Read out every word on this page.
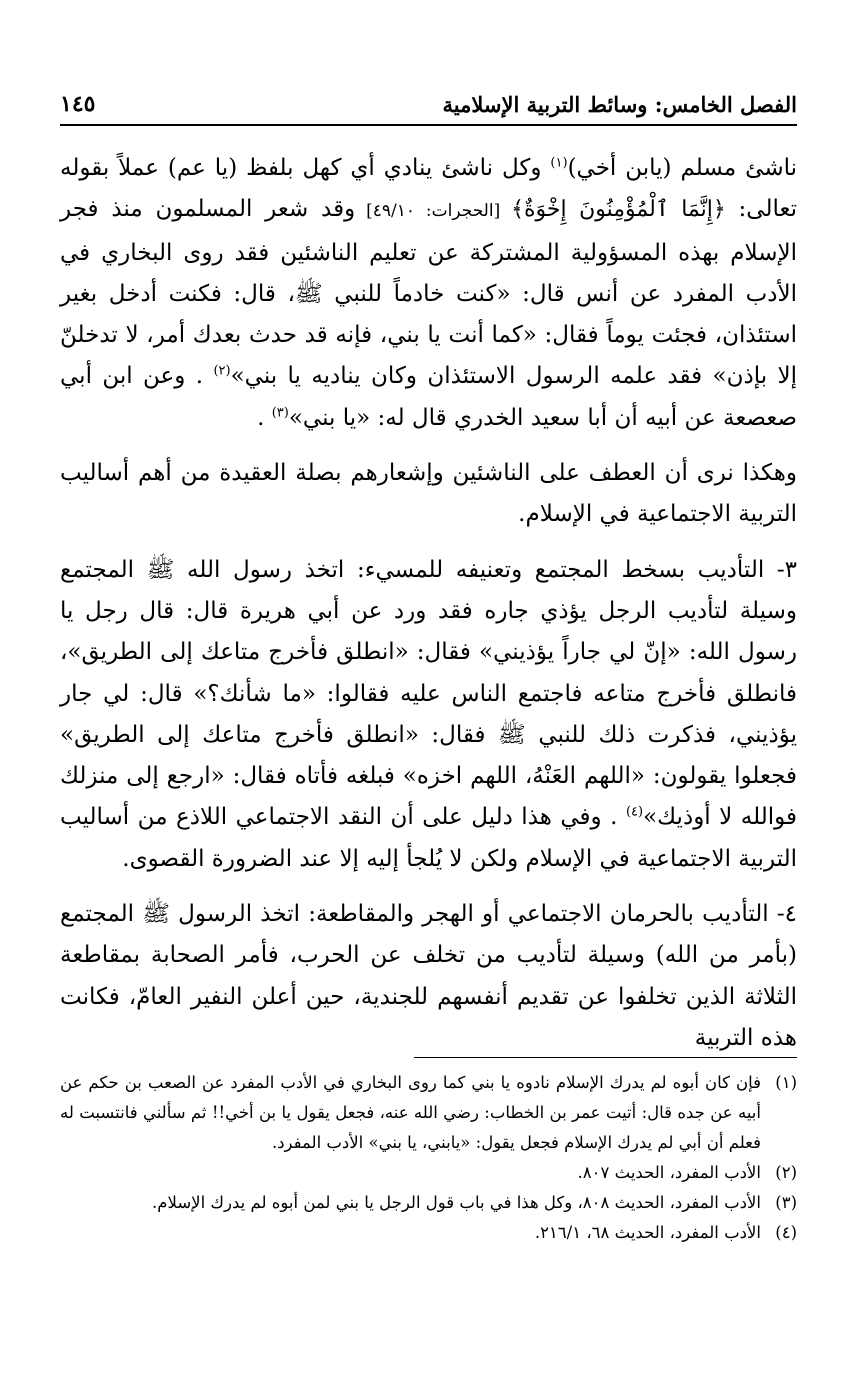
الفصل الخامس: وسائط التربية الإسلامية
١٤٥

ناشئ مسلم (يابن أخي)$^{(١)}$ وكل ناشئ ينادي أي كهل بلفظ (يا عم) عملاً بقوله تعالى: ﴿إِنَّمَا ٱلْمُؤْمِنُونَ إِخْوَةٌ﴾ [الحجرات: ٤٩/١٠] وقد شعر المسلمون منذ فجر الإسلام بهذه المسؤولية المشتركة عن تعليم الناشئين فقد روى البخاري في الأدب المفرد عن أنس قال: «كنت خادماً للنبي ﷺ، قال: فكنت أدخل بغير استئذان، فجئت يوماً فقال: «كما أنت يا بني، فإنه قد حدث بعدك أمر، لا تدخلنّ إلا بإذن» فقد علمه الرسول الاستئذان وكان يناديه يا بني»$^{(٢)}$ . وعن ابن أبي صعصعة عن أبيه أن أبا سعيد الخدري قال له: «يا بني»$^{(٣)}$ .

وهكذا نرى أن العطف على الناشئين وإشعارهم بصلة العقيدة من أهم أساليب التربية الاجتماعية في الإسلام.

٣- التأديب بسخط المجتمع وتعنيفه للمسيء: اتخذ رسول الله ﷺ المجتمع وسيلة لتأديب الرجل يؤذي جاره فقد ورد عن أبي هريرة قال: قال رجل يا رسول الله: «إنّ لي جاراً يؤذيني» فقال: «انطلق فأخرج متاعك إلى الطريق»، فانطلق فأخرج متاعه فاجتمع الناس عليه فقالوا: «ما شأنك؟» قال: لي جار يؤذيني، فذكرت ذلك للنبي ﷺ فقال: «انطلق فأخرج متاعك إلى الطريق» فجعلوا يقولون: «اللهم العَنْهُ، اللهم اخزه» فبلغه فأتاه فقال: «ارجع إلى منزلك فوالله لا أوذيك»$^{(٤)}$ . وفي هذا دليل على أن النقد الاجتماعي اللاذع من أساليب التربية الاجتماعية في الإسلام ولكن لا يُلجأ إليه إلا عند الضرورة القصوى.

٤- التأديب بالحرمان الاجتماعي أو الهجر والمقاطعة: اتخذ الرسول ﷺ المجتمع (بأمر من الله) وسيلة لتأديب من تخلف عن الحرب، فأمر الصحابة بمقاطعة الثلاثة الذين تخلفوا عن تقديم أنفسهم للجندية، حين أعلن النفير العامّ، فكانت هذه التربية

(١)
فإن كان أبوه لم يدرك الإسلام نادوه يا بني كما روى البخاري في الأدب المفرد عن الصعب بن حكم عن أبيه عن جده قال: أتيت عمر بن الخطاب: رضي الله عنه، فجعل يقول يا بن أخي!! ثم سألني فانتسبت له فعلم أن أبي لم يدرك الإسلام فجعل يقول: «يابني، يا بني» الأدب المفرد.
(٢)
الأدب المفرد، الحديث ٨٠٧.
(٣)
الأدب المفرد، الحديث ٨٠٨، وكل هذا في باب قول الرجل يا بني لمن أبوه لم يدرك الإسلام.
(٤)
الأدب المفرد، الحديث ٦٨، ٢١٦/١.
